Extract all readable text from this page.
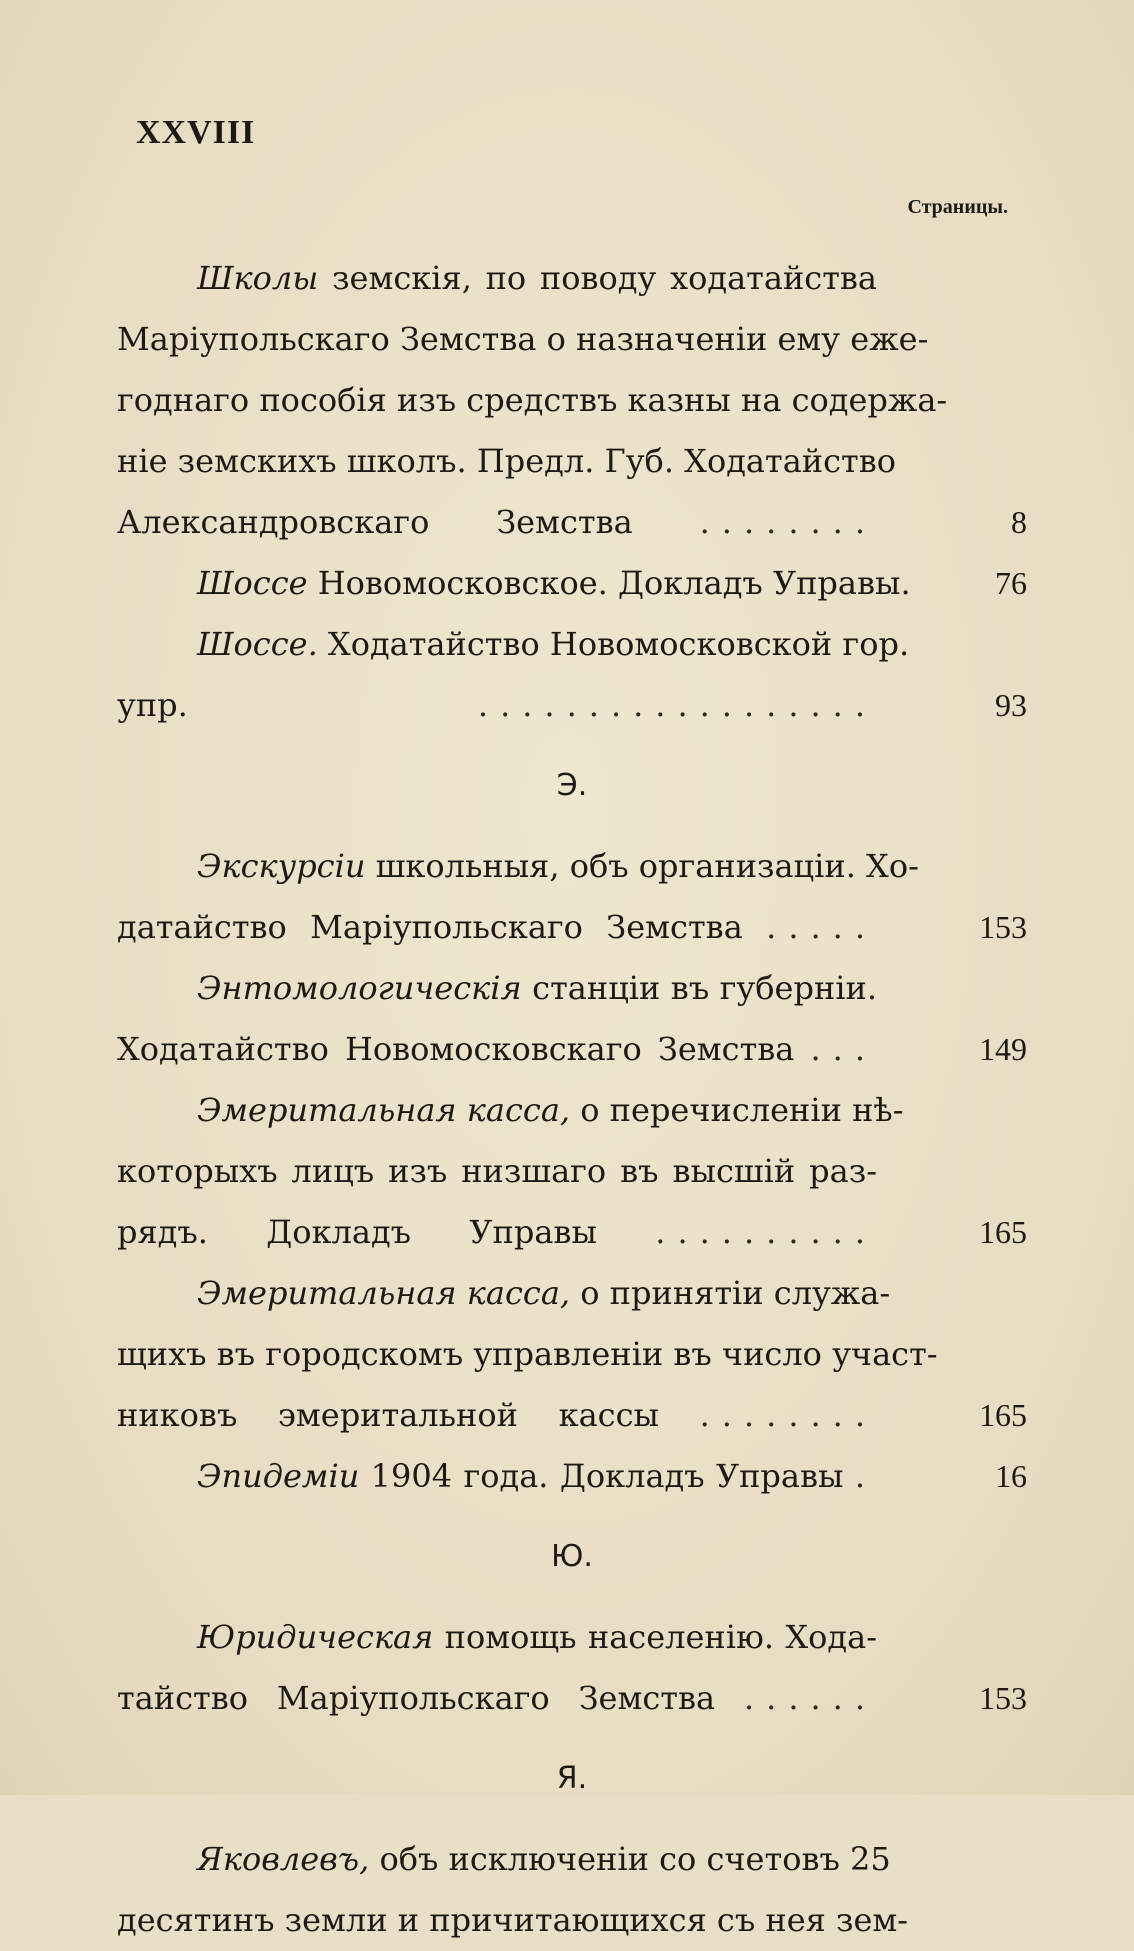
XXVIII
Страницы.
Школы земскія, по поводу ходатайства
Маріупольскаго Земства о назначеніи ему еже-
годнаго пособія изъ средствъ казны на содержа-
ніе земскихъ школъ. Предл. Губ. Ходатайство
Александровскаго Земства ........	8
Шоссе Новомосковское. Докладъ Управы.	76
Шоссе. Ходатайство Новомосковской гор.
упр.	..................	93
Э.
Экскурсіи школьныя, объ организаціи. Хо-
датайство Маріупольскаго Земства .....	153
Энтомологическія станціи въ губерніи.
Ходатайство Новомосковскаго Земства ...	149
Эмеритальная касса, о перечисленіи нѣ-
которыхъ лицъ изъ низшаго въ высшій раз-
рядъ. Докладъ Управы ..........	165
Эмеритальная касса, о принятіи служа-
щихъ въ городскомъ управленіи въ число участ-
никовъ эмеритальной кассы ........	165
Эпидеміи 1904 года. Докладъ Управы .	16
Ю.
Юридическая помощь населенію. Хода-
тайство Маріупольскаго Земства ......	153
Я.
Яковлевъ, объ исключеніи со счетовъ 25
десятинъ земли и причитающихся съ нея зем-
